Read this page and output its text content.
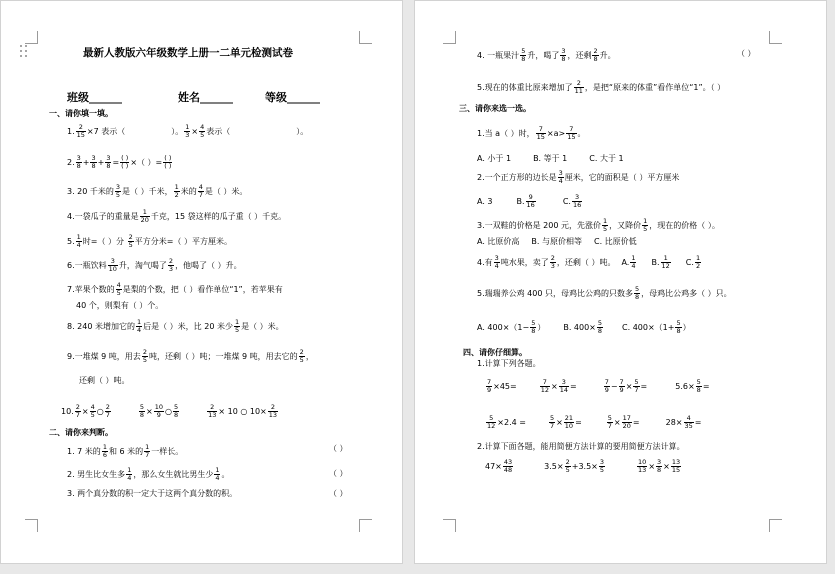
最新人教版六年级数学上册一二单元检测试卷
班级______	姓名______	等级______
一、请你填一填。
1. $\frac{2}{15} \times 7$ 表示（	）。 $\frac{1}{3} \times \frac{4}{5}$ 表示（	）。
2. $\frac{3}{8} + \frac{3}{8} + \frac{3}{8}$ = ( )
( ) ×（ ）= ( )
( )
3. 20 千米的 $\frac{3}{5}$ 是（ ）千米， $\frac{1}{2}$ 米的 $\frac{4}{7}$ 是（ ）米。
4.一袋瓜子的重量是 $\frac{1}{20}$ 千克，15 袋这样的瓜子重（ ）千克。
5. $\frac{1}{4}$ 时=（ ）分 $\frac{2}{5}$ 平方分米=（ ）平方厘米。
6.一瓶饮料 $\frac{3}{10}$ 升，淘气喝了 $\frac{2}{3}$ ，他喝了（ ）升。
7.苹果个数的 $\frac{4}{5}$ 是梨的个数，把（ ）看作单位“1”，若苹果有
40 个，则梨有（ ）个。
8. 240 米增加它的 $\frac{1}{4}$ 后是（ ）米，比 20 米少 $\frac{1}{5}$ 是（ ）米。
9.一堆煤 9 吨，用去 $\frac{2}{5}$ 吨，还剩（ ）吨；一堆煤 9 吨，用去它的 $\frac{2}{5}$ ，
还剩（ ）吨。
10. $\frac{2}{7} \times \frac{4}{5}$ ○ $\frac{2}{7}$	$\frac{5}{8} \times \frac{10}{9}$ ○ $\frac{5}{8}$	$\frac{2}{13} \times 10$ ○ $10\times \frac{2}{13}$
二、请你来判断。
1. 7 米的 $\frac{1}{6}$ 和 6 米的 $\frac{1}{7}$ 一样长。	（ ）
2. 男生比女生多 $\frac{1}{4}$ ，那么女生就比男生少 $\frac{1}{4}$ 。	（ ）
3. 两个真分数的积一定大于这两个真分数的积。	（ ）
4. 一瓶果汁 $\frac{5}{8}$ 升，喝了 $\frac{3}{8}$ ，还剩 $\frac{2}{8}$ 升。	（ ）
5.现在的体重比原来增加了 $\frac{2}{11}$ ，是把“原来的体重”看作单位“1”。（ ）
三、请你来选一选。
1.当 a（ ）时， $\frac{7}{15} \times a> \frac{7}{15}$ 。
A. 小于 1	B. 等于 1	C. 大于 1
2.一个正方形的边长是 $\frac{3}{4}$ 厘米，它的面积是（ ）平方厘米
A. 3	B. $\frac{9}{16}$	C. $\frac{3}{16}$
3.一双鞋的价格是 200 元，先涨价 $\frac{1}{5}$ ，又降价 $\frac{1}{5}$ ，现在的价格（ ）。
A. 比原价高 B. 与原价相等 C. 比原价低
4.有 $\frac{3}{4}$ 吨水果，卖了 $\frac{2}{3}$ ，还剩（ ）吨。 A. $\frac{1}{4} B$. $\frac{1}{12} C$. $\frac{1}{2}$
5.瑞瑞养公鸡 400 只，母鸡比公鸡的只数多 $\frac{5}{8}$ ，母鸡比公鸡多（ ）只。
A. $400\times(1- \frac{5}{8}$ ） B. $400\times \frac{5}{8} C$. $400\times(1+ \frac{5}{8}$ ）
四、请你仔细算。
1.计算下列各题。
$\frac{7}{9} \times 45=$	$\frac{7}{12} \times \frac{3}{14}$ =	$\frac{7}{9} - \frac{7}{9} \times \frac{5}{7}$ =	$5.6\times \frac{5}{8}$ =
$\frac{5}{12} \times 2.4$ =	$\frac{5}{7} \times \frac{21}{10}$ =	$\frac{5}{7} \times \frac{17}{20}$ =	$28\times \frac{4}{35}$ =
2.计算下面各题，能用简便方法计算的要用简便方法计算。
$47\times \frac{43}{48}$	$3.5\times \frac{2}{5} +3.5\times \frac{3}{5}$	$\frac{10}{13} \times \frac{3}{8} \times \frac{13}{15}$
